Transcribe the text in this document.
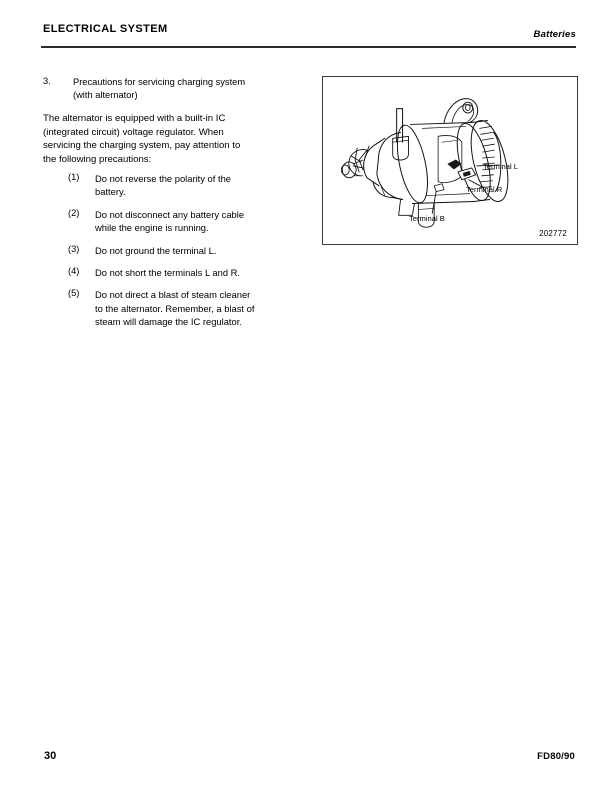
ELECTRICAL SYSTEM	Batteries
3. Precautions for servicing charging system
(with alternator)
The alternator is equipped with a built-in IC
(integrated circuit) voltage regulator. When
servicing the charging system, pay attention to
the following precautions:
(1) Do not reverse the polarity of the
battery.
(2) Do not disconnect any battery cable
while the engine is running.
(3) Do not ground the terminal L.
(4) Do not short the terminals L and R.
(5) Do not direct a blast of steam cleaner
to the alternator. Remember, a blast of
steam will damage the IC regulator.
Terminal L
Terminal R
Terminal B
202772
30	FD80/90
